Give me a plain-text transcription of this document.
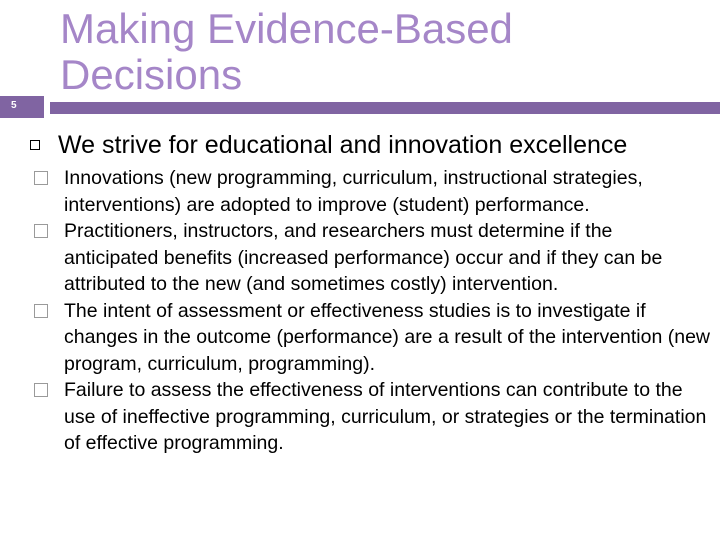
5
Making Evidence-Based Decisions
We strive for educational and innovation excellence
Innovations (new programming, curriculum, instructional strategies, interventions) are adopted to improve (student) performance.
Practitioners, instructors, and researchers must determine if the anticipated benefits (increased performance) occur and if they can be attributed to the new (and sometimes costly) intervention.
The intent of assessment or effectiveness studies is to investigate if changes in the outcome (performance) are a result of the intervention (new program, curriculum, programming).
Failure to assess the effectiveness of interventions can contribute to the use of ineffective programming, curriculum, or strategies or the termination of effective programming.
